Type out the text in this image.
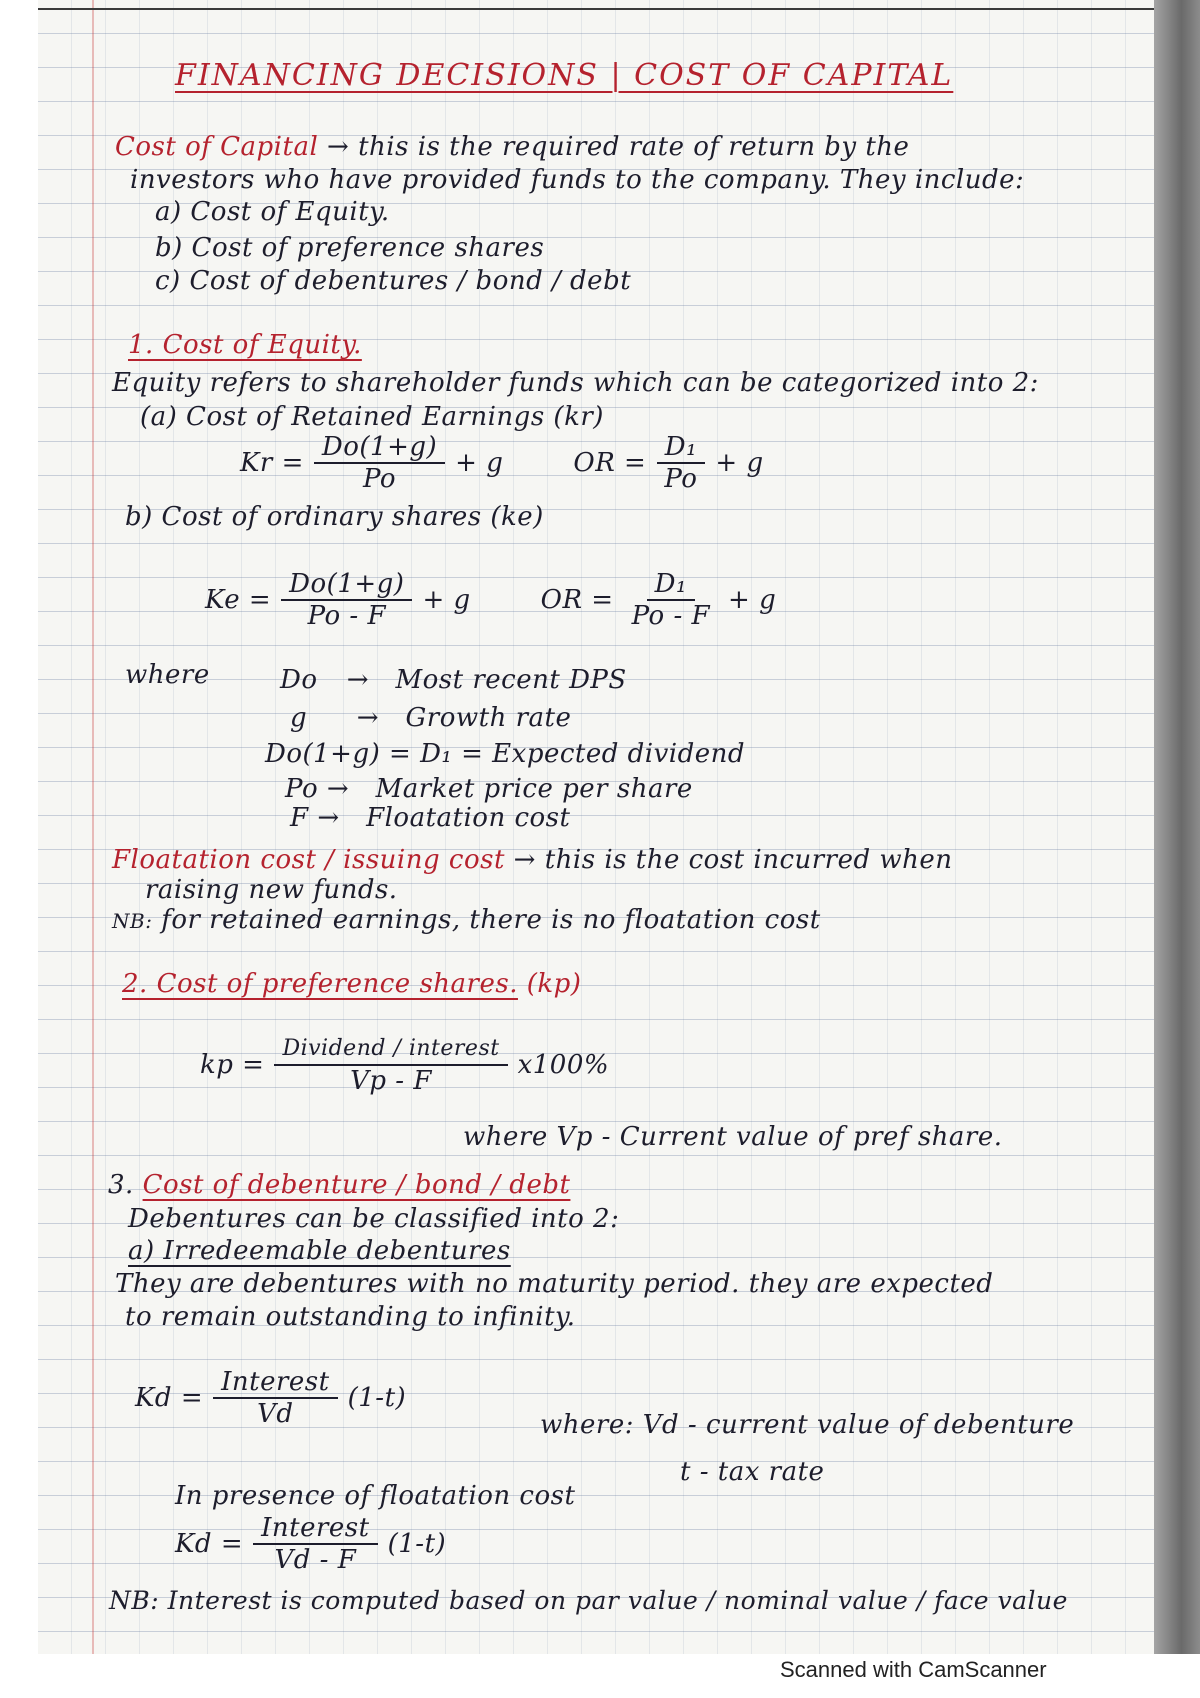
FINANCING DECISIONS | COST OF CAPITAL
Cost of Capital → this is the required rate of return by the
investors who have provided funds to the company. They include:
a) Cost of Equity.
b) Cost of preference shares
c) Cost of debentures / bond / debt
1. Cost of Equity.
Equity refers to shareholder funds which can be categorized into 2:
(a) Cost of Retained Earnings (kr)
$Kr = \frac{Do(1+g)}{Po} + g$	OR = $\frac{\text{D₁}}{Po} + g$
b) Cost of ordinary shares (ke)
$Ke = \frac{Do(1+g)}{Po - F} + g$	OR = $\frac{\text{D₁}}{Po - F} + g$
where	Do → Most recent DPS
g → Growth rate
Do(1+g) = D₁ = Expected dividend
Po → Market price per share
F → Floatation cost
Floatation cost / issuing cost → this is the cost incurred when
raising new funds.
NB: for retained earnings, there is no floatation cost
2. Cost of preference shares. (kp)
kp = $\frac{\text{Dividend / interest}}{Vp - F} x100\%$
where Vp - Current value of pref share.
3. Cost of debenture / bond / debt
Debentures can be classified into 2:
a) Irredeemable debentures
They are debentures with no maturity period. they are expected
to remain outstanding to infinity.
$Kd = \frac{\text{Interest}}{Vd} (1-t)$
where: Vd - current value of debenture
t - tax rate
In presence of floatation cost
$Kd = \frac{\text{Interest}}{Vd - F} (1-t)$
NB: Interest is computed based on par value / nominal value / face value
Scanned with CamScanner
